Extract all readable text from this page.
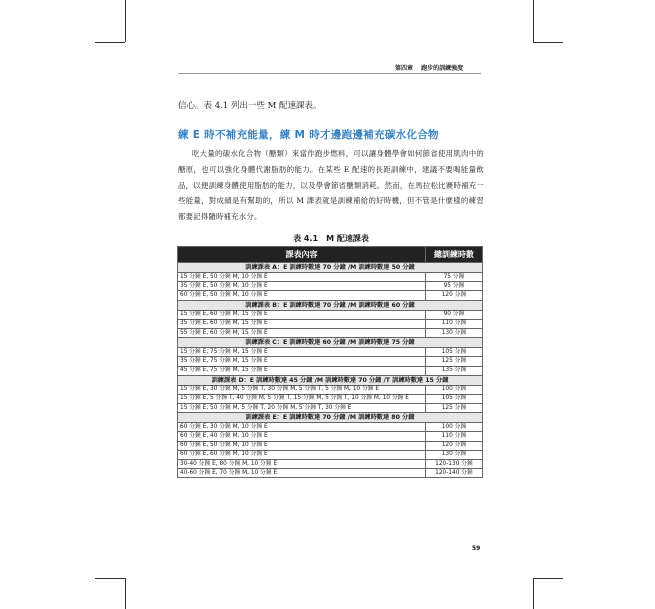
第四章 跑步的訓練強度
信心。表 4.1 列出一些 M 配速課表。
練 E 時不補充能量，練 M 時才邊跑邊補充碳水化合物
吃大量的碳水化合物（醣類）來當作跑步燃料，可以讓身體學會如何節省使用肌肉中的醣原，也可以強化身體代謝脂肪的能力。在某些 E 配速的長距訓練中，建議不要喝能量飲品，以便訓練身體使用脂肪的能力，以及學會節省醣類消耗。然而，在馬拉松比賽時補充一些能量，對成績是有幫助的，所以 M 課表就是訓練補給的好時機，但不管是什麼樣的練習都要記得隨時補充水分。
表 4.1　M 配速課表
課表內容	總訓練時數
訓練課表 A：E 訓練時數達 70 分鐘 /M 訓練時數達 50 分鐘	
15 分鐘 E, 50 分鐘 M, 10 分鐘 E	75 分鐘
35 分鐘 E, 50 分鐘 M, 10 分鐘 E	95 分鐘
60 分鐘 E, 50 分鐘 M, 10 分鐘 E	120 分鐘
訓練課表 B：E 訓練時數達 70 分鐘 /M 訓練時數達 60 分鐘	
15 分鐘 E, 60 分鐘 M, 15 分鐘 E	90 分鐘
35 分鐘 E, 60 分鐘 M, 15 分鐘 E	110 分鐘
55 分鐘 E, 60 分鐘 M, 15 分鐘 E	130 分鐘
訓練課表 C：E 訓練時數達 60 分鐘 /M 訓練時數達 75 分鐘	
15 分鐘 E, 75 分鐘 M, 15 分鐘 E	105 分鐘
35 分鐘 E, 75 分鐘 M, 15 分鐘 E	125 分鐘
45 分鐘 E, 75 分鐘 M, 15 分鐘 E	135 分鐘
訓練課表 D：E 訓練時數達 45 分鐘 /M 訓練時數達 70 分鐘 /T 訓練時數達 15 分鐘	
15 分鐘 E, 30 分鐘 M, 5 分鐘 T, 30 分鐘 M, 5 分鐘 T, 5 分鐘 M, 10 分鐘 E	100 分鐘
15 分鐘 E, 5 分鐘 T, 40 分鐘 M, 5 分鐘 T, 15 分鐘 M, 5 分鐘 T, 10 分鐘 M, 10 分鐘 E	105 分鐘
15 分鐘 E, 50 分鐘 M, 5 分鐘 T, 20 分鐘 M, 5 分鐘 T, 30 分鐘 E	125 分鐘
訓練課表 E：E 訓練時數達 70 分鐘 /M 訓練時數達 80 分鐘	
60 分鐘 E, 30 分鐘 M, 10 分鐘 E	100 分鐘
60 分鐘 E, 40 分鐘 M, 10 分鐘 E	110 分鐘
60 分鐘 E, 50 分鐘 M, 10 分鐘 E	120 分鐘
60 分鐘 E, 60 分鐘 M, 10 分鐘 E	130 分鐘
30-40 分鐘 E, 80 分鐘 M, 10 分鐘 E	120-130 分鐘
40-60 分鐘 E, 70 分鐘 M, 10 分鐘 E	120-140 分鐘
59
